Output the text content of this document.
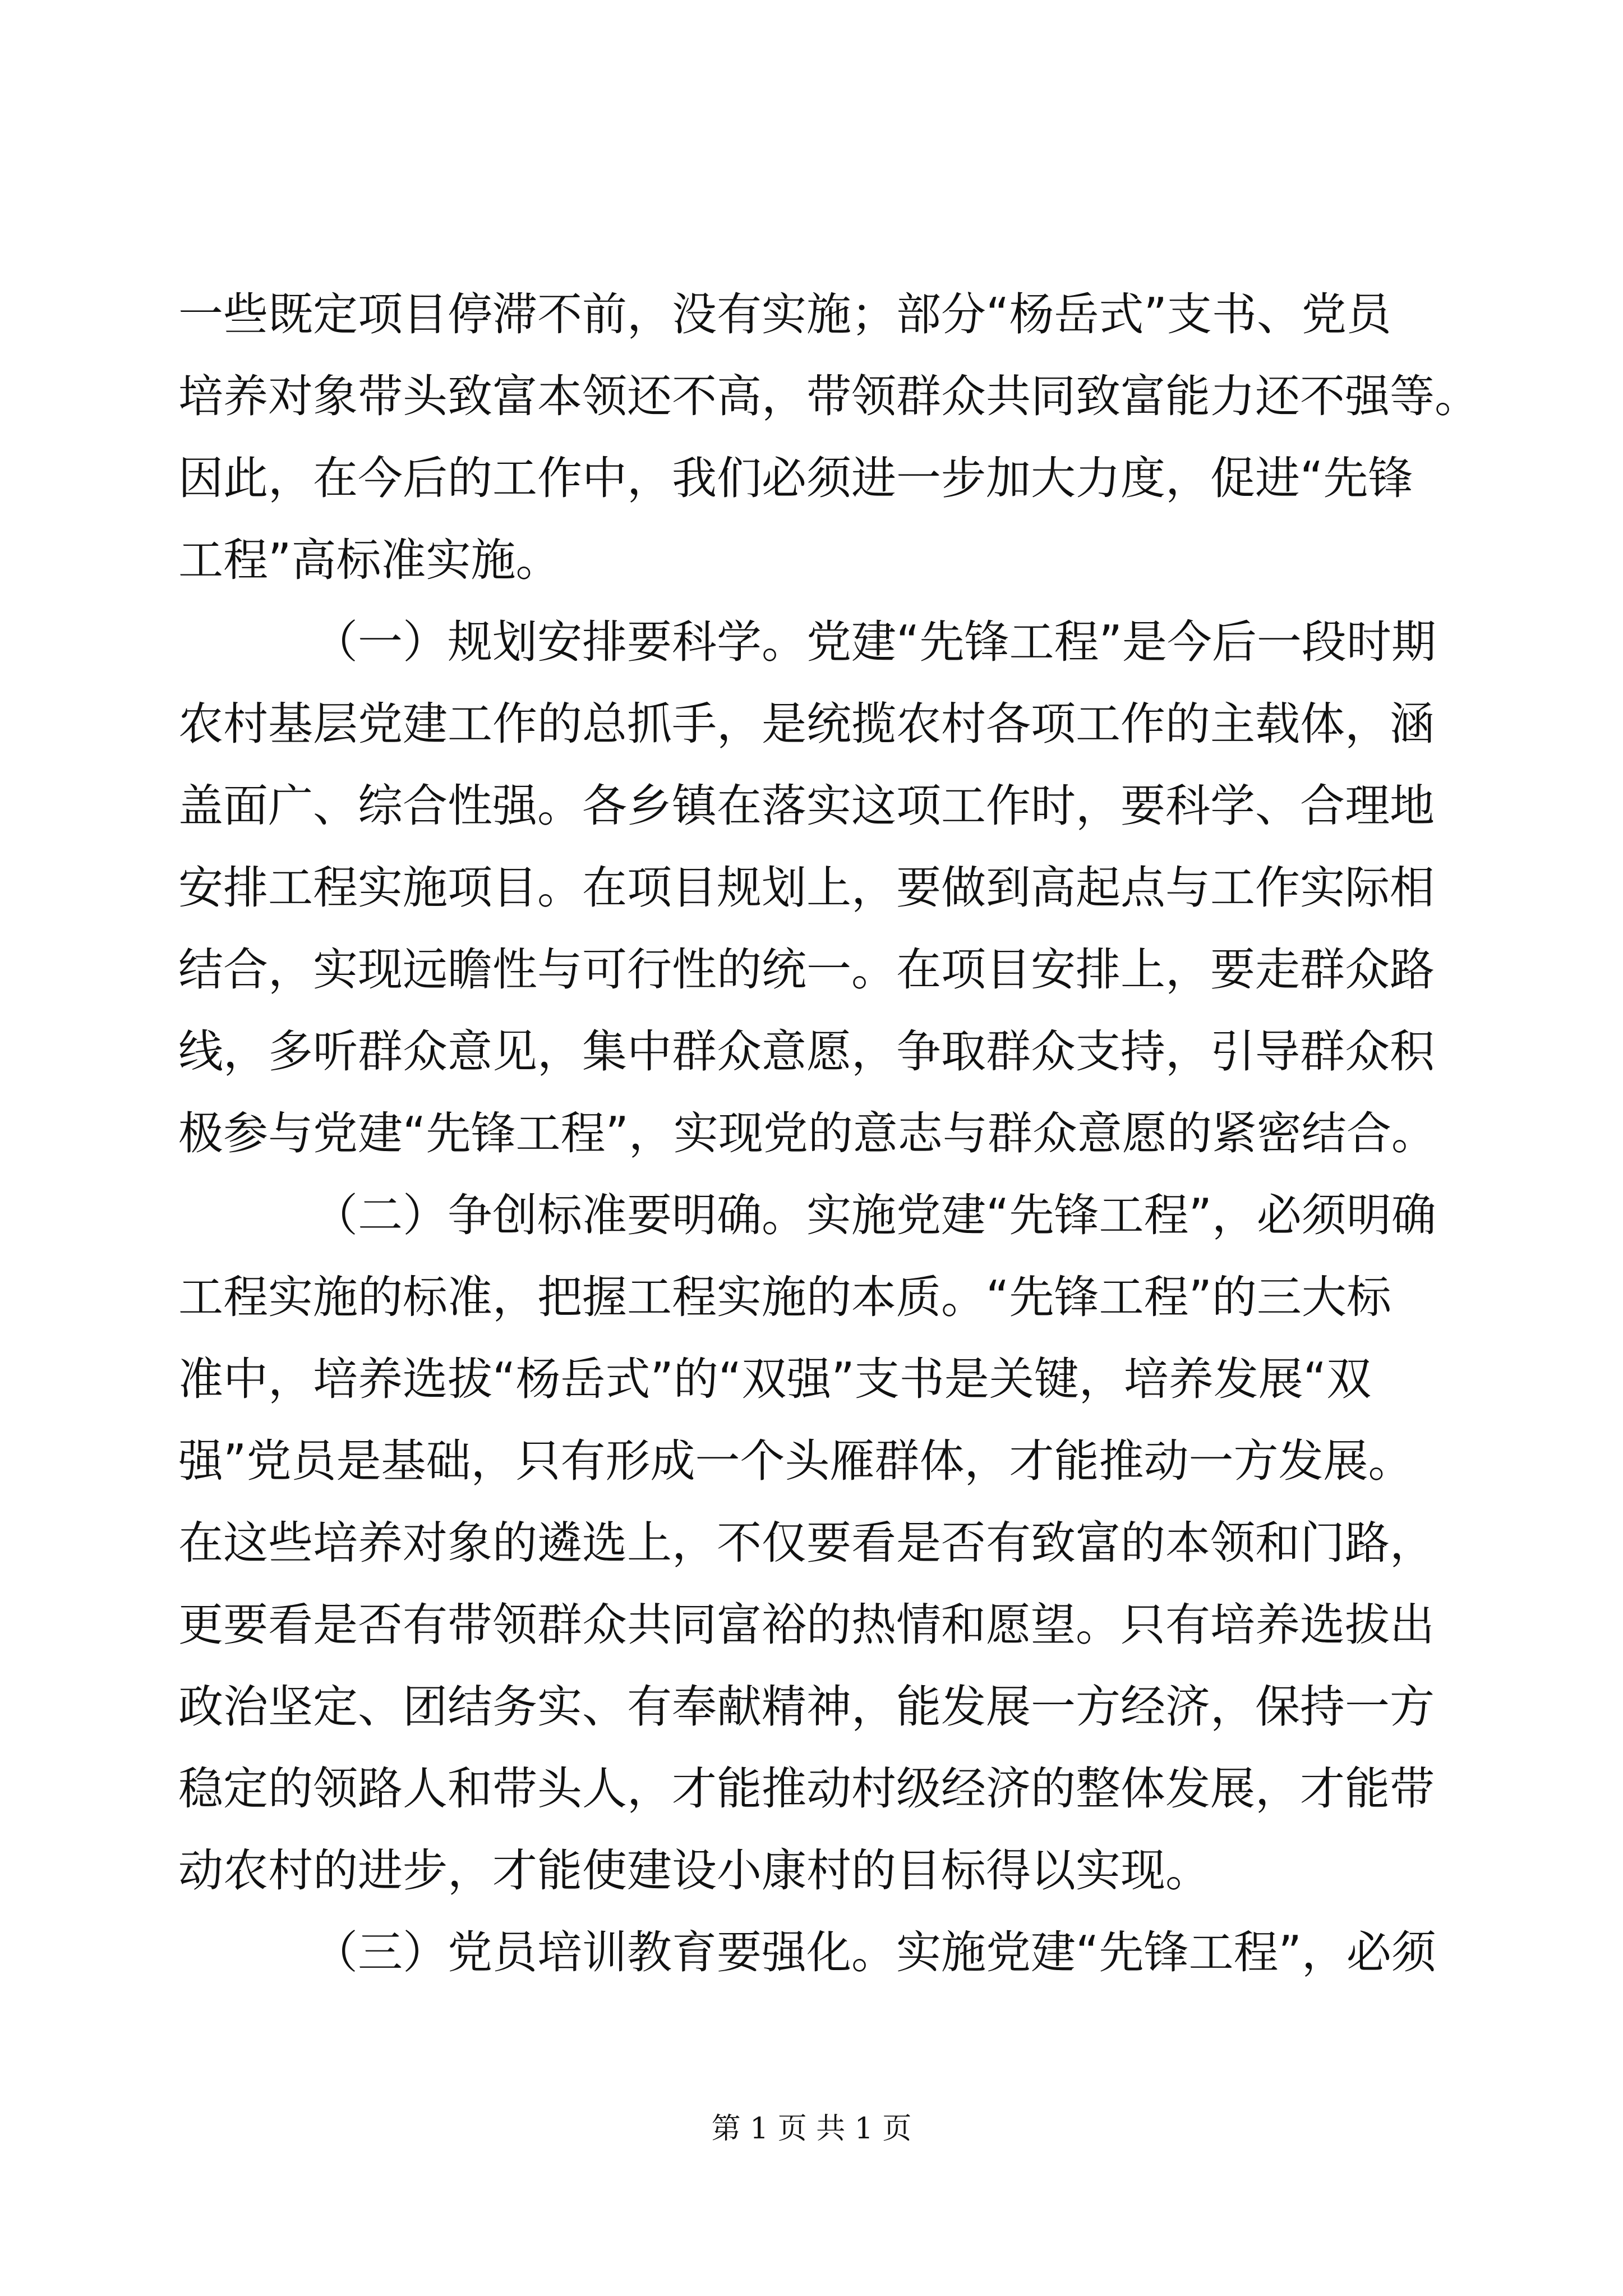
一些既定项目停滞不前，没有实施；部分“杨岳式”支书、党员
培养对象带头致富本领还不高，带领群众共同致富能力还不强等。
因此，在今后的工作中，我们必须进一步加大力度，促进“先锋
工程”高标准实施。
（一）规划安排要科学。党建“先锋工程”是今后一段时期
农村基层党建工作的总抓手，是统揽农村各项工作的主载体，涵
盖面广、综合性强。各乡镇在落实这项工作时，要科学、合理地
安排工程实施项目。在项目规划上，要做到高起点与工作实际相
结合，实现远瞻性与可行性的统一。在项目安排上，要走群众路
线，多听群众意见，集中群众意愿，争取群众支持，引导群众积
极参与党建“先锋工程”，实现党的意志与群众意愿的紧密结合。
（二）争创标准要明确。实施党建“先锋工程”，必须明确
工程实施的标准，把握工程实施的本质。“先锋工程”的三大标
准中，培养选拔“杨岳式”的“双强”支书是关键，培养发展“双
强”党员是基础，只有形成一个头雁群体，才能推动一方发展。
在这些培养对象的遴选上，不仅要看是否有致富的本领和门路，
更要看是否有带领群众共同富裕的热情和愿望。只有培养选拔出
政治坚定、团结务实、有奉献精神，能发展一方经济，保持一方
稳定的领路人和带头人，才能推动村级经济的整体发展，才能带
动农村的进步，才能使建设小康村的目标得以实现。
（三）党员培训教育要强化。实施党建“先锋工程”，必须
第 1 页 共 1 页
